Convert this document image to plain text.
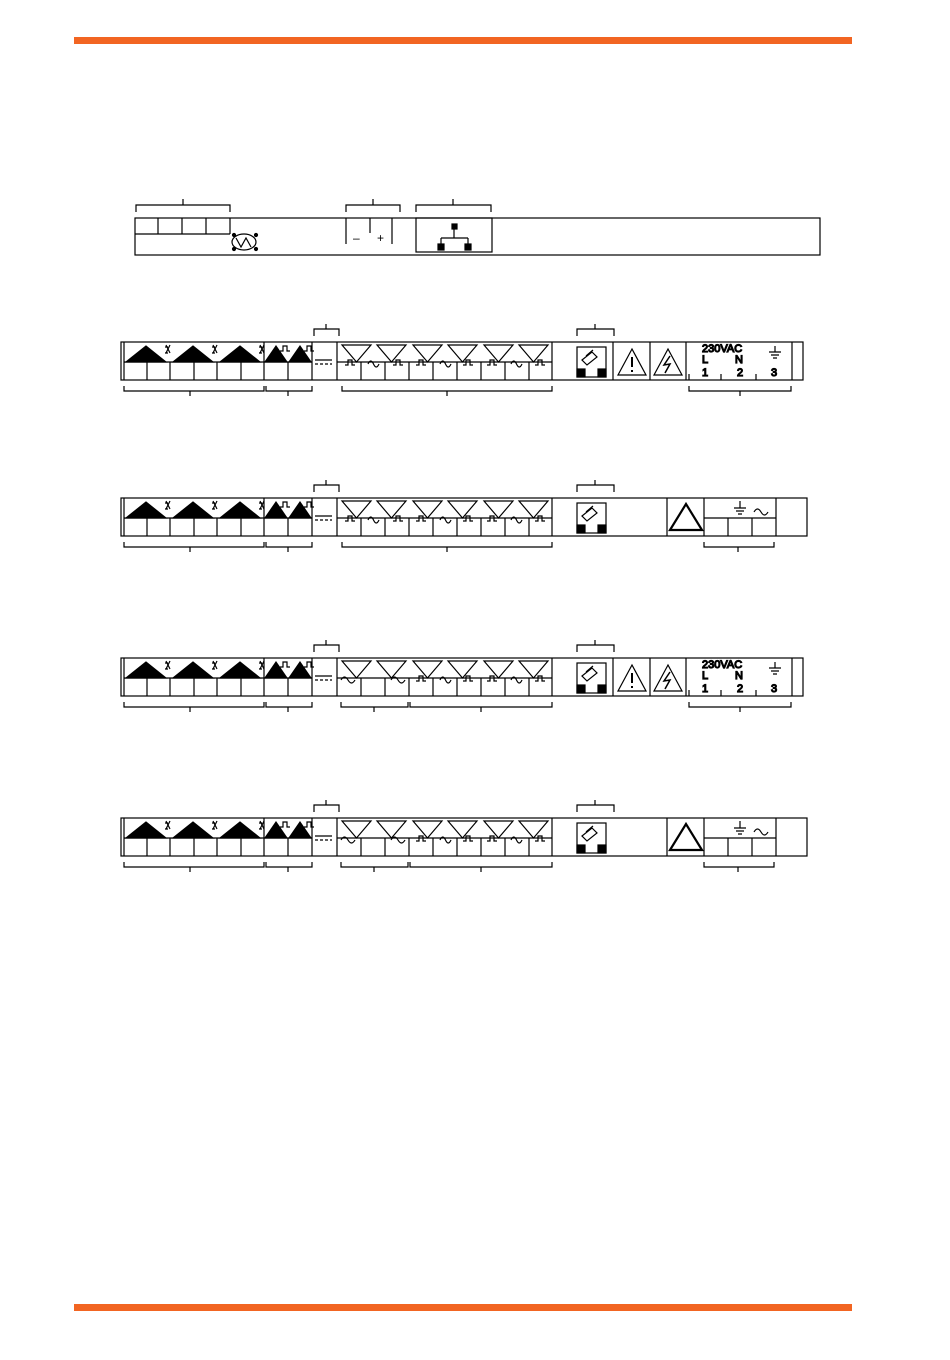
– +
230VAC
L N
1	2	3
230VAC
L N
1	2	3
